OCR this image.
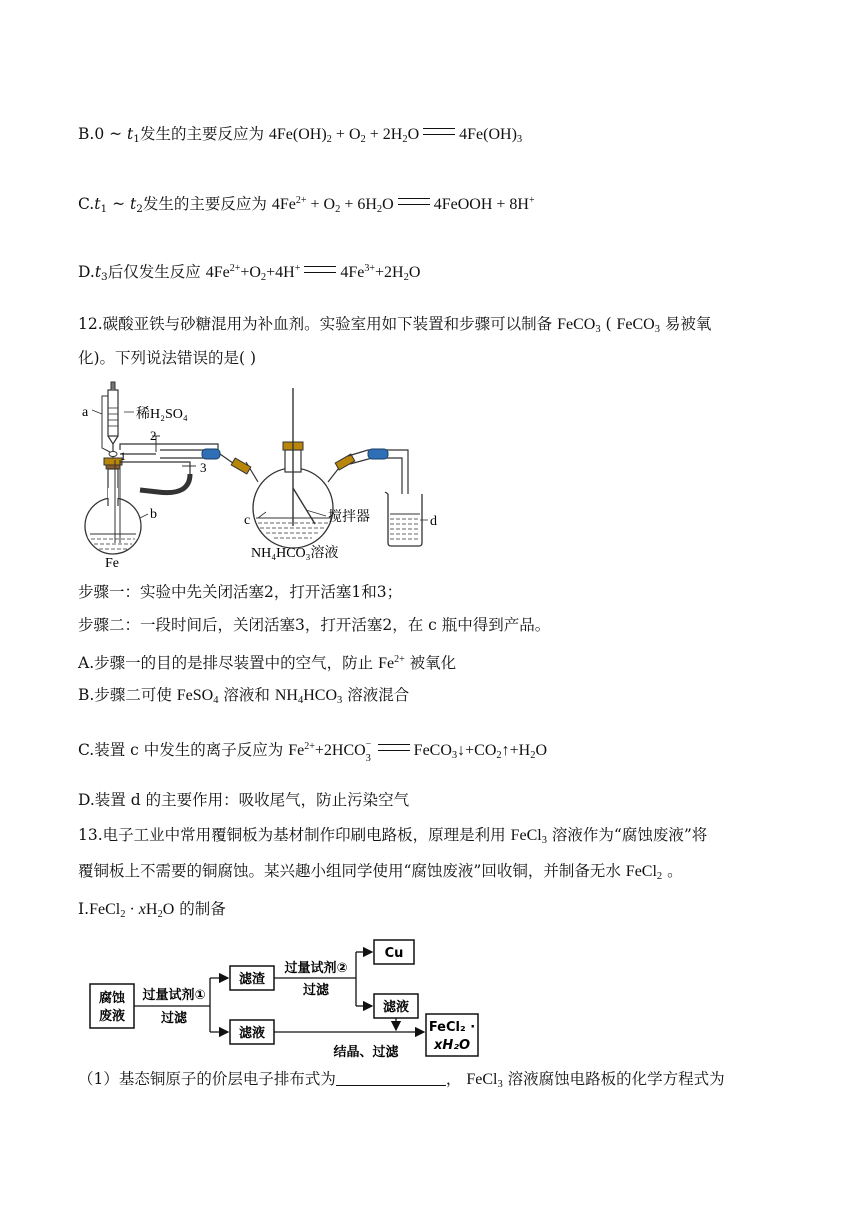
B.0 ~ $t_1$发生的主要反应为 $4Fe(OH)_2 + O_2 + 2H_2O$	$4Fe(OH)_3$
$C.t_1$ ~ $t_2$发生的主要反应为 $4Fe^{2+} + O_2 + 6H_2O$	4FeOOH + 8H+
$D.t_3$后仅发生反应 $4Fe^{2+}+O_2+4H^+$	$4Fe^{3+}+2H_2O$
12.碳酸亚铁与砂糖混用为补血剂。实验室用如下装置和步骤可以制备 FeCO$_3$ ( FeCO$_3$ 易被氧
化)。下列说法错误的是( )
a	稀H₂SO₄
2
1
3
b	c	搅拌器	d
Fe
NH₄HCO₃溶液
步骤一：实验中先关闭活塞2，打开活塞1和3；
步骤二：一段时间后，关闭活塞3，打开活塞2，在 c 瓶中得到产品。
A.步骤一的目的是排尽装置中的空气，防止 $Fe^{2+}$ 被氧化
B.步骤二可使 FeSO$_4$ 溶液和 $NH_4HCO_3$ 溶液混合
C.装置 c 中发生的离子反应为 $Fe^{2+}+2HCO$ 3
−	$FeCO_3↓+CO_2↑+H_2O$
D.装置 d 的主要作用：吸收尾气，防止污染空气
13.电子工业中常用覆铜板为基材制作印刷电路板，原理是利用 FeCl$_3$ 溶液作为“腐蚀废液”将
覆铜板上不需要的铜腐蚀。某兴趣小组同学使用“腐蚀废液”回收铜，并制备无水 FeCl$_2$ 。
Ⅰ.FeCl$_2$ · $xH_2O$ 的制备
腐蚀
废液
过量试剂①
过滤
滤渣
滤液
过量试剂②
过滤
Cu
滤液
结晶、过滤
FeCl₂ ·
xH₂O
（1）基态铜原子的价层电子排布式为	， FeCl$_3$ 溶液腐蚀电路板的化学方程式为
